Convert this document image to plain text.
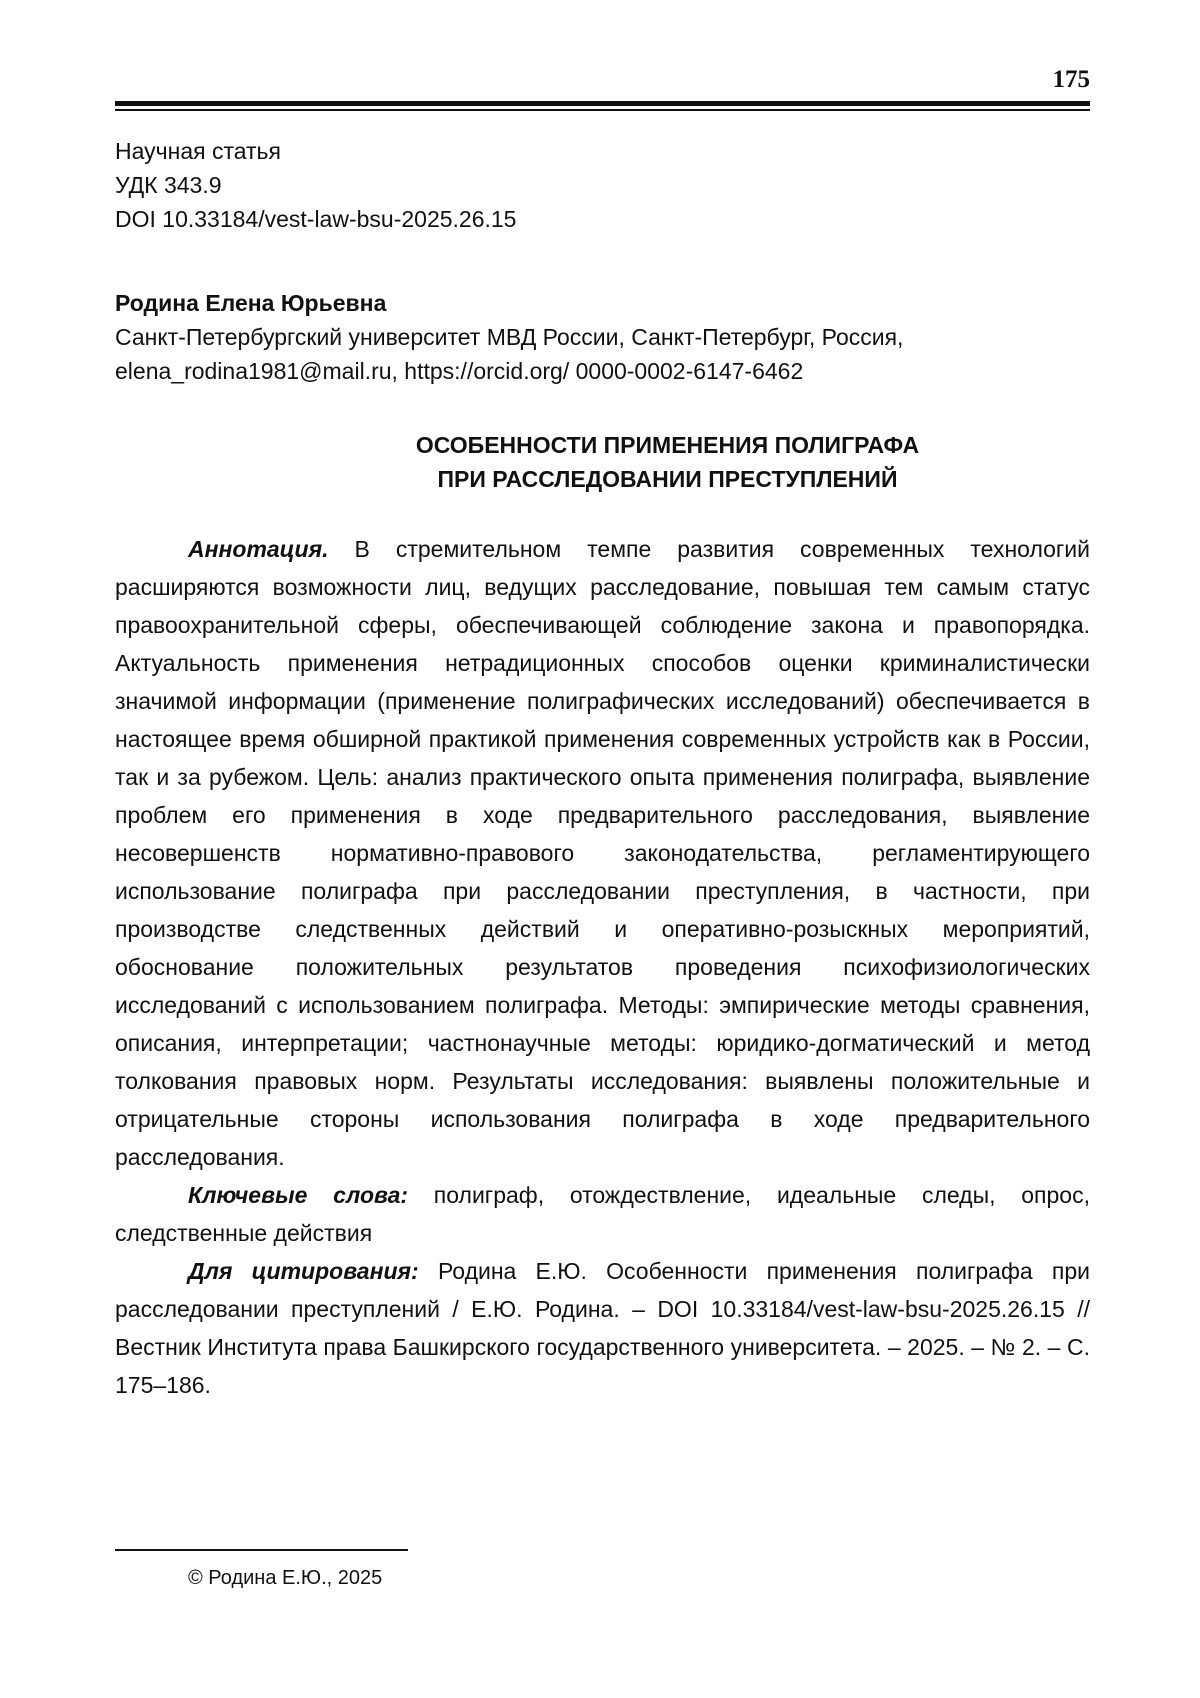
175
Научная статья
УДК 343.9
DOI 10.33184/vest-law-bsu-2025.26.15
Родина Елена Юрьевна
Санкт-Петербургский университет МВД России, Санкт-Петербург, Россия,
elena_rodina1981@mail.ru, https://orcid.org/ 0000-0002-6147-6462
ОСОБЕННОСТИ ПРИМЕНЕНИЯ ПОЛИГРАФА
ПРИ РАССЛЕДОВАНИИ ПРЕСТУПЛЕНИЙ

Аннотация. В стремительном темпе развития современных технологий расширяются возможности лиц, ведущих расследование, повышая тем самым статус правоохранительной сферы, обеспечивающей соблюдение закона и правопорядка. Актуальность применения нетрадиционных способов оценки криминалистически значимой информации (применение полиграфических исследований) обеспечивается в настоящее время обширной практикой применения современных устройств как в России, так и за рубежом. Цель: анализ практического опыта применения полиграфа, выявление проблем его применения в ходе предварительного расследования, выявление несовершенств нормативно-правового законодательства, регламентирующего использование полиграфа при расследовании преступления, в частности, при производстве следственных действий и оперативно-розыскных мероприятий, обоснование положительных результатов проведения психофизиологических исследований с использованием полиграфа. Методы: эмпирические методы сравнения, описания, интерпретации; частнонаучные методы: юридико-догматический и метод толкования правовых норм. Результаты исследования: выявлены положительные и отрицательные стороны использования полиграфа в ходе предварительного расследования.

Ключевые слова: полиграф, отождествление, идеальные следы, опрос, следственные действия

Для цитирования: Родина Е.Ю. Особенности применения полиграфа при расследовании преступлений / Е.Ю. Родина. – DOI 10.33184/vest-law-bsu-2025.26.15 // Вестник Института права Башкирского государственного университета. – 2025. – № 2. – С. 175–186.

© Родина Е.Ю., 2025
